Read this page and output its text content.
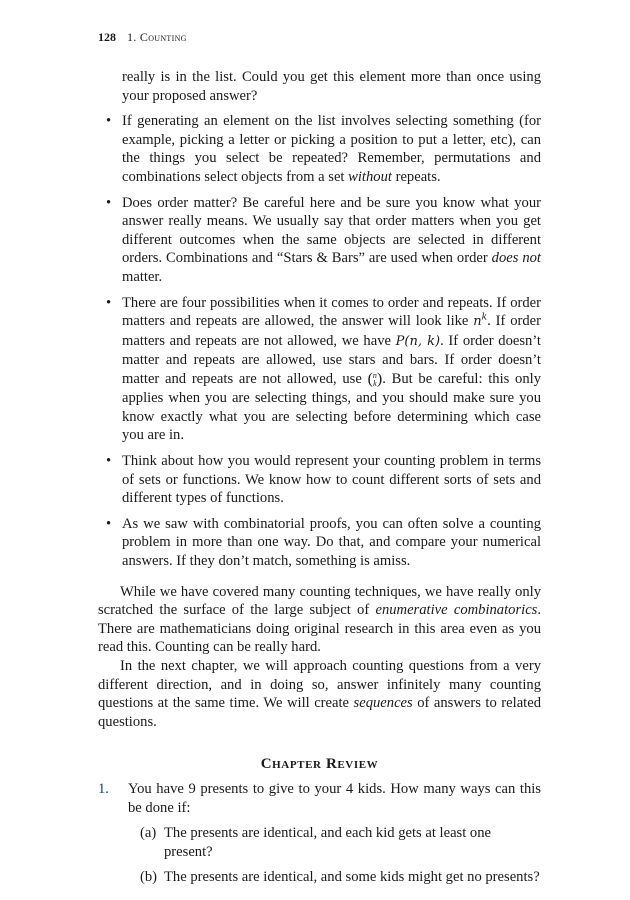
128 1. Counting

really is in the list. Could you get this element more than once using your proposed answer?

• If generating an element on the list involves selecting something (for example, picking a letter or picking a position to put a letter, etc), can the things you select be repeated? Remember, permutations and combinations select objects from a set without repeats.
• Does order matter? Be careful here and be sure you know what your answer really means. We usually say that order matters when you get different outcomes when the same objects are selected in different orders. Combinations and “Stars & Bars” are used when order does not matter.
• There are four possibilities when it comes to order and repeats. If order matters and repeats are allowed, the answer will look like $n^k$. If order matters and repeats are not allowed, we have P(n, k). If order doesn’t matter and repeats are allowed, use stars and bars. If order doesn’t matter and repeats are not allowed, use (n
k). But be careful: this only applies when you are selecting things, and you should make sure you know exactly what you are selecting before determining which case you are in.
• Think about how you would represent your counting problem in terms of sets or functions. We know how to count different sorts of sets and different types of functions.
• As we saw with combinatorial proofs, you can often solve a counting problem in more than one way. Do that, and compare your numerical answers. If they don’t match, something is amiss.

While we have covered many counting techniques, we have really only scratched the surface of the large subject of enumerative combinatorics. There are mathematicians doing original research in this area even as you read this. Counting can be really hard.

In the next chapter, we will approach counting questions from a very different direction, and in doing so, answer infinitely many counting questions at the same time. We will create sequences of answers to related questions.

Chapter Review
1. You have 9 presents to give to your 4 kids. How many ways can this be done if:

(a) The presents are identical, and each kid gets at least one present?
(b) The presents are identical, and some kids might get no presents?
